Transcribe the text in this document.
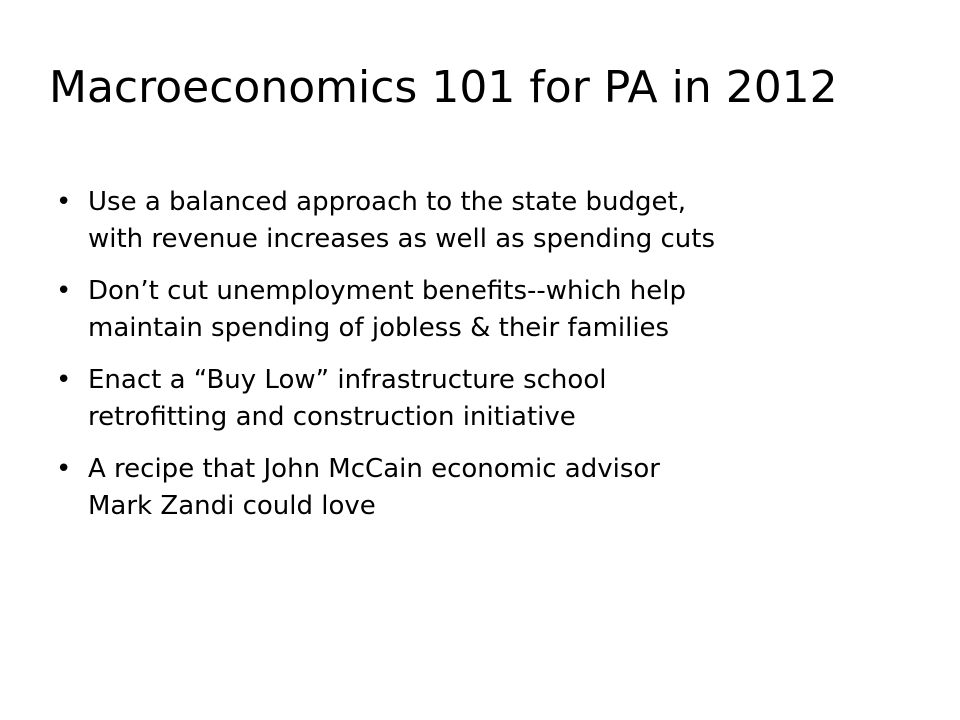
Macroeconomics 101 for PA in 2012
• Use a balanced approach to the state budget,
with revenue increases as well as spending cuts
• Don’t cut unemployment benefits--which help
maintain spending of jobless & their families
• Enact a “Buy Low” infrastructure school
retrofitting and construction initiative
• A recipe that John McCain economic advisor
Mark Zandi could love
